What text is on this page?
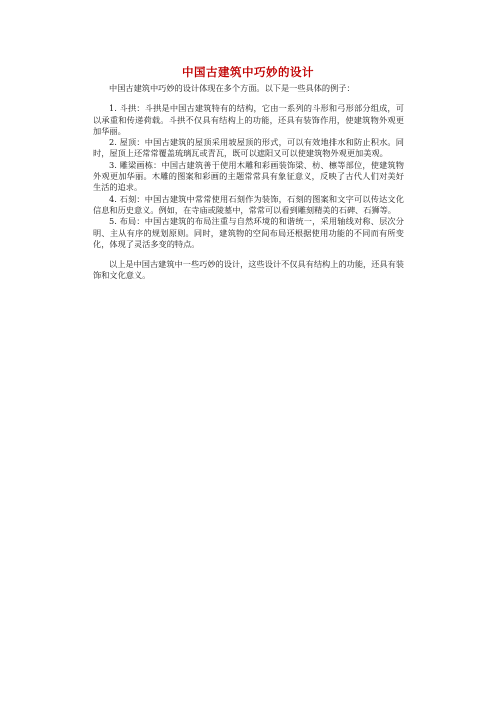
中国古建筑中巧妙的设计

中国古建筑中巧妙的设计体现在多个方面。以下是一些具体的例子：

1. 斗拱：斗拱是中国古建筑特有的结构，它由一系列的斗形和弓形部分组成，可以承重和传递荷载。斗拱不仅具有结构上的功能，还具有装饰作用，使建筑物外观更加华丽。

2. 屋顶：中国古建筑的屋顶采用坡屋顶的形式，可以有效地排水和防止积水。同时，屋顶上还常常覆盖琉璃瓦或青瓦，既可以遮阳又可以使建筑物外观更加美观。

3. 雕梁画栋：中国古建筑善于使用木雕和彩画装饰梁、枋、檩等部位，使建筑物外观更加华丽。木雕的图案和彩画的主题常常具有象征意义，反映了古代人们对美好生活的追求。

4. 石刻：中国古建筑中常常使用石刻作为装饰，石刻的图案和文字可以传达文化信息和历史意义。例如，在寺庙或陵墓中，常常可以看到雕刻精美的石碑、石狮等。

5. 布局：中国古建筑的布局注重与自然环境的和谐统一，采用轴线对称、层次分明、主从有序的规划原则。同时，建筑物的空间布局还根据使用功能的不同而有所变化，体现了灵活多变的特点。

以上是中国古建筑中一些巧妙的设计，这些设计不仅具有结构上的功能，还具有装饰和文化意义。
